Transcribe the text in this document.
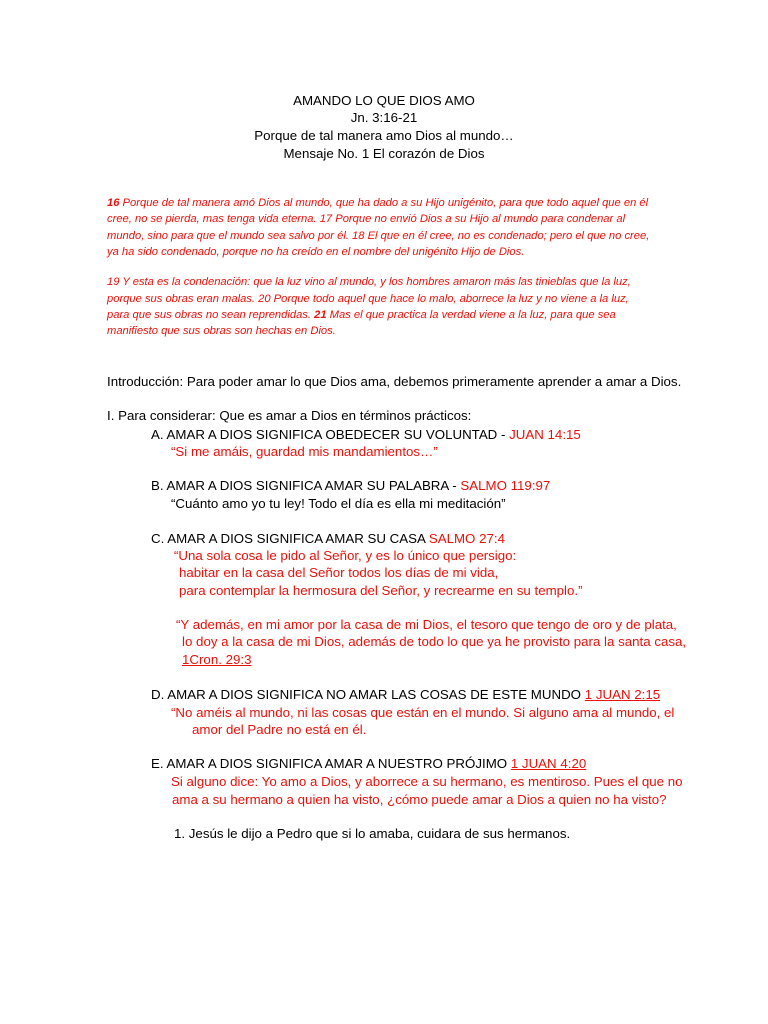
AMANDO LO QUE DIOS AMO
Jn. 3:16-21
Porque de tal manera amo Dios al mundo…
Mensaje No. 1 El corazón de Dios
16 Porque de tal manera amó Dios al mundo, que ha dado a su Hijo unigénito, para que todo aquel que en él
cree, no se pierda, mas tenga vida eterna. 17 Porque no envió Dios a su Hijo al mundo para condenar al
mundo, sino para que el mundo sea salvo por él. 18 El que en él cree, no es condenado; pero el que no cree,
ya ha sido condenado, porque no ha creído en el nombre del unigénito Hijo de Dios.
19 Y esta es la condenación: que la luz vino al mundo, y los hombres amaron más las tinieblas que la luz,
porque sus obras eran malas. 20 Porque todo aquel que hace lo malo, aborrece la luz y no viene a la luz,
para que sus obras no sean reprendidas. 21 Mas el que practica la verdad viene a la luz, para que sea
manifiesto que sus obras son hechas en Dios.
Introducción: Para poder amar lo que Dios ama, debemos primeramente aprender a amar a Dios.
I. Para considerar: Que es amar a Dios en términos prácticos:
A. AMAR A DIOS SIGNIFICA OBEDECER SU VOLUNTAD - JUAN 14:15
“Si me amáis, guardad mis mandamientos…”
B. AMAR A DIOS SIGNIFICA AMAR SU PALABRA - SALMO 119:97
“Cuánto amo yo tu ley! Todo el día es ella mi meditación”
C. AMAR A DIOS SIGNIFICA AMAR SU CASA SALMO 27:4
“Una sola cosa le pido al Señor, y es lo único que persigo:
habitar en la casa del Señor todos los días de mi vida,
para contemplar la hermosura del Señor, y recrearme en su templo.”
“Y además, en mi amor por la casa de mi Dios, el tesoro que tengo de oro y de plata,
lo doy a la casa de mi Dios, además de todo lo que ya he provisto para la santa casa,
1Cron. 29:3
D. AMAR A DIOS SIGNIFICA NO AMAR LAS COSAS DE ESTE MUNDO 1 JUAN 2:15
“No améis al mundo, ni las cosas que están en el mundo. Si alguno ama al mundo, el
amor del Padre no está en él.
E. AMAR A DIOS SIGNIFICA AMAR A NUESTRO PRÓJIMO 1 JUAN 4:20
Si alguno dice: Yo amo a Dios, y aborrece a su hermano, es mentiroso. Pues el que no
ama a su hermano a quien ha visto, ¿cómo puede amar a Dios a quien no ha visto?
1. Jesús le dijo a Pedro que si lo amaba, cuidara de sus hermanos.
